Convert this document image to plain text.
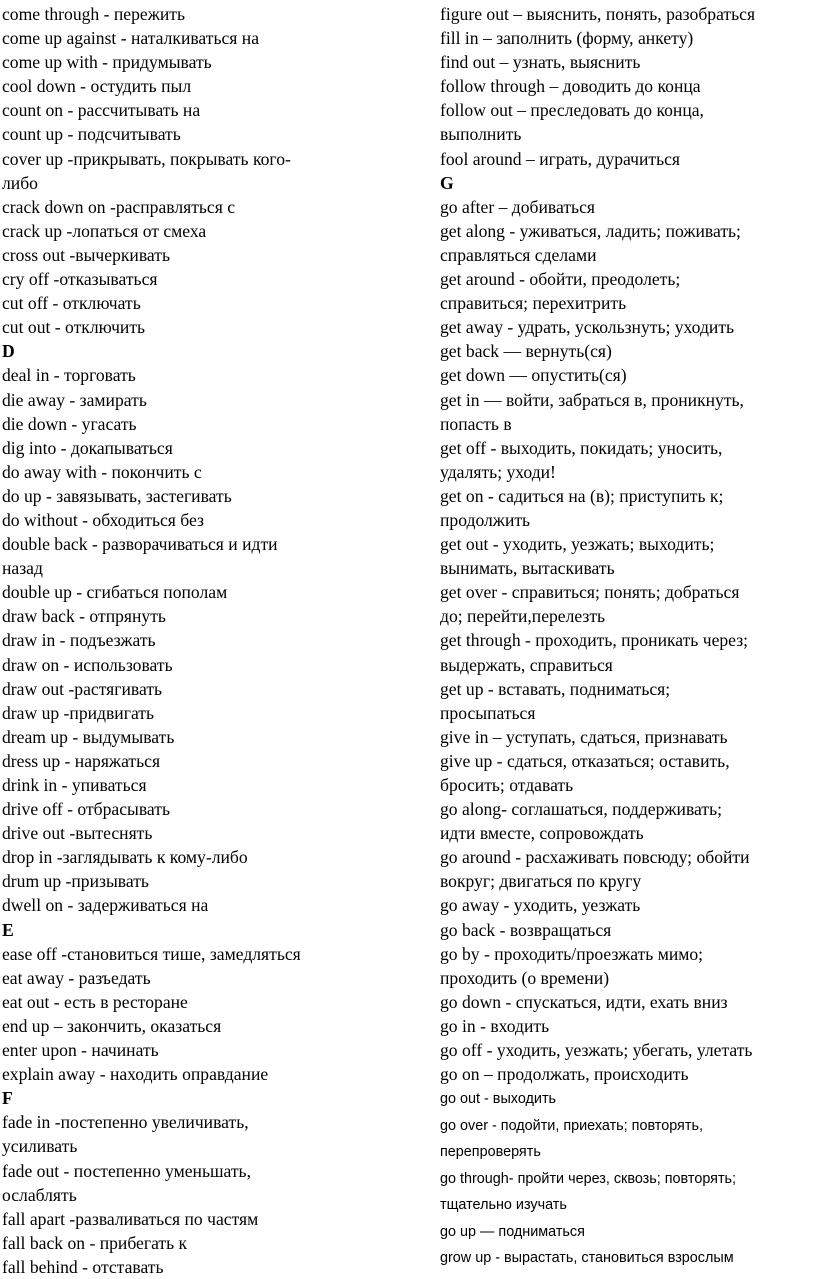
come through - пережить
come up against - наталкиваться на
come up with - придумывать
cool down - остудить пыл
count on - рассчитывать на
count up - подсчитывать
cover up -прикрывать, покрывать кого-
либо
crack down on -расправляться с
crack up -лопаться от смеха
cross out -вычеркивать
cry off -отказываться
cut off - отключать
cut out - отключить
D
deal in - торговать
die away - замирать
die down - угасать
dig into - докапываться
do away with - покончить с
do up - завязывать, застегивать
do without - обходиться без
double back - разворачиваться и идти
назад
double up - сгибаться пополам
draw back - отпрянуть
draw in - подъезжать
draw on - использовать
draw out -растягивать
draw up -придвигать
dream up - выдумывать
dress up - наряжаться
drink in - упиваться
drive off - отбрасывать
drive out -вытеснять
drop in -заглядывать к кому-либо
drum up -призывать
dwell on - задерживаться на
E
ease off -становиться тише, замедляться
eat away - разъедать
eat out - есть в ресторане
end up – закончить, оказаться
enter upon - начинать
explain away - находить оправдание
F
fade in -постепенно увеличивать,
усиливать
fade out - постепенно уменьшать,
ослаблять
fall apart -разваливаться по частям
fall back on - прибегать к
fall behind - отставать
figure out – выяснить, понять, разобраться
fill in – заполнить (форму, анкету)
find out – узнать, выяснить
follow through – доводить до конца
follow out – преследовать до конца,
выполнить
fool around – играть, дурачиться
G
go after – добиваться
get along - уживаться, ладить; поживать;
справляться сделами
get around - обойти, преодолеть;
справиться; перехитрить
get away - удрать, ускользнуть; уходить
get back — вернуть(ся)
get down — опустить(ся)
get in — войти, забраться в, проникнуть,
попасть в
get off - выходить, покидать; уносить,
удалять; уходи!
get on - садиться на (в); приступить к;
продолжить
get out - уходить, уезжать; выходить;
вынимать, вытаскивать
get over - справиться; понять; добраться
до; перейти,перелезть
get through - проходить, проникать через;
выдержать, справиться
get up - вставать, подниматься;
просыпаться
give in – уступать, сдаться, признавать
give up - сдаться, отказаться; оставить,
бросить; отдавать
go along- соглашаться, поддерживать;
идти вместе, сопровождать
go around - расхаживать повсюду; обойти
вокруг; двигаться по кругу
go away - уходить, уезжать
go back - возвращаться
go by - проходить/проезжать мимо;
проходить (о времени)
go down - спускаться, идти, ехать вниз
go in - входить
go off - уходить, уезжать; убегать, улетать
go on – продолжать, происходить
go out - выходить
go over - подойти, приехать; повторять,
перепроверять
go through- пройти через, сквозь; повторять;
тщательно изучать
go up — подниматься
grow up - вырастать, становиться взрослым
